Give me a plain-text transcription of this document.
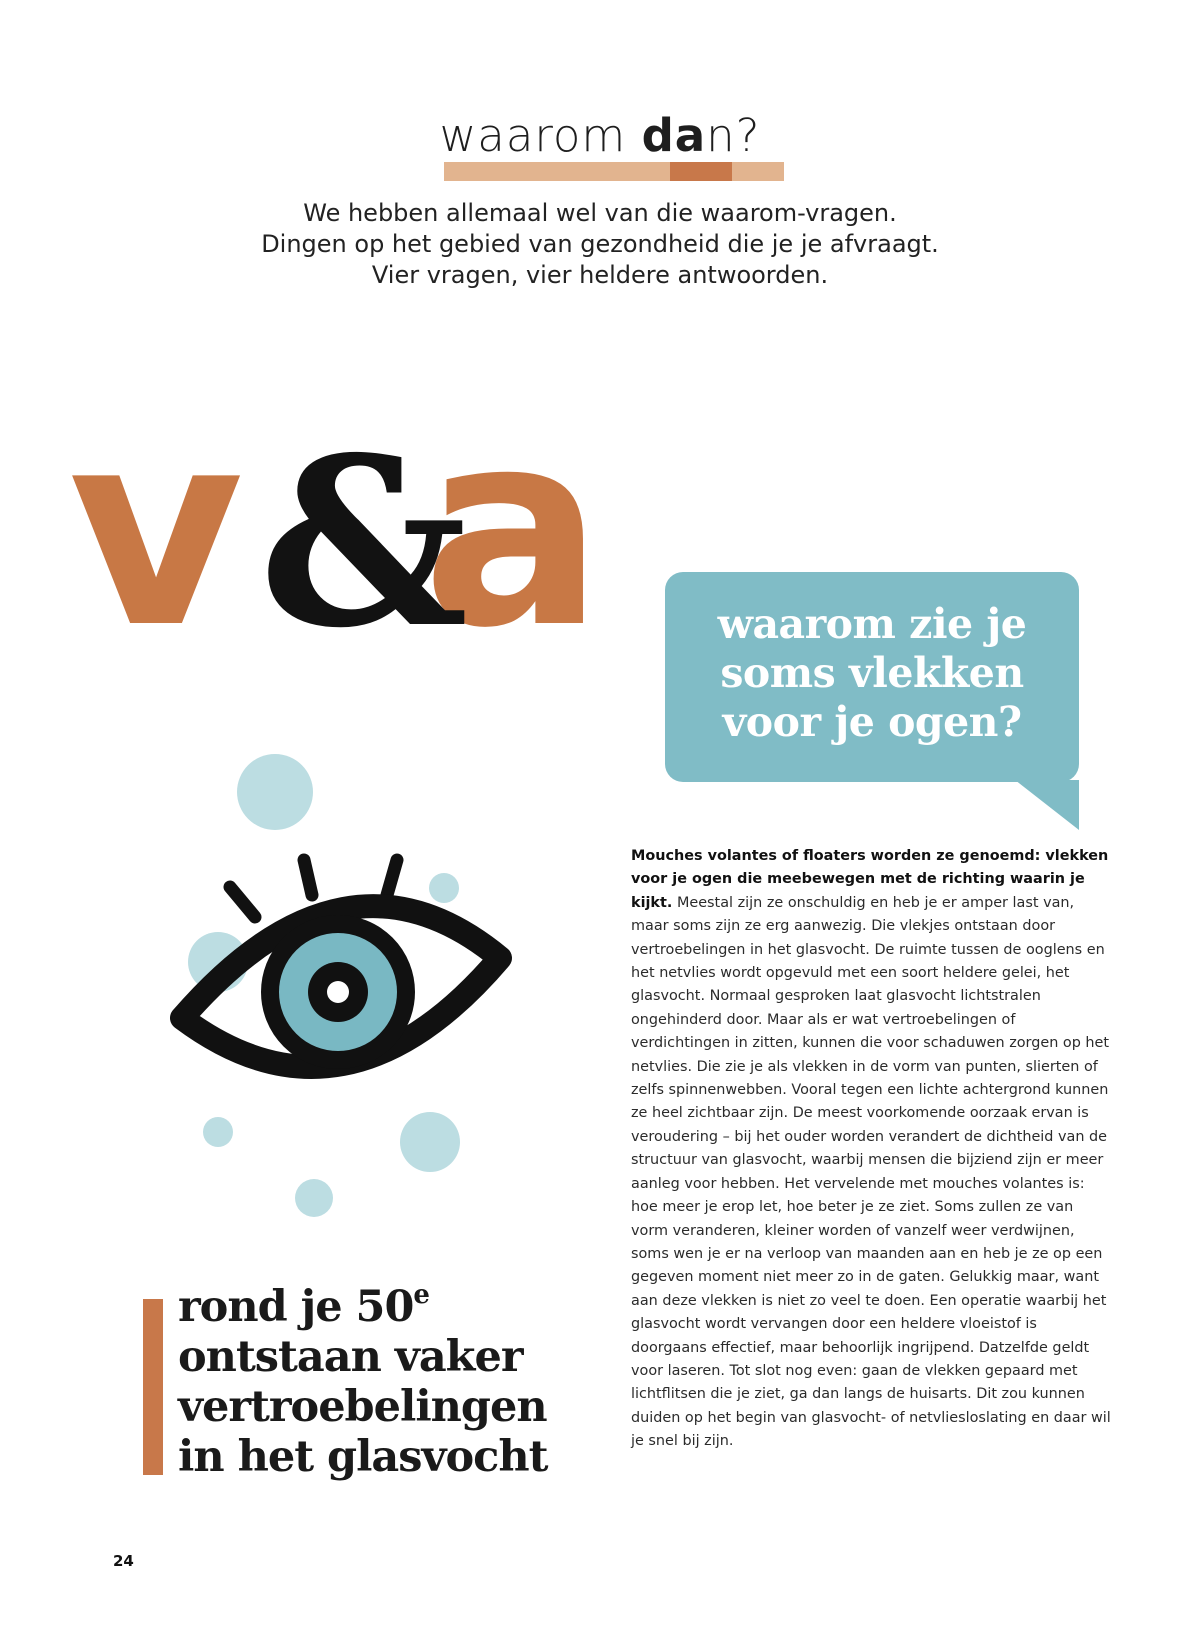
waarom dan?

We hebben allemaal wel van die waarom-vragen.
Dingen op het gebied van gezondheid die je je afvraagt.
Vier vragen, vier heldere antwoorden.

v a
&	waarom zie je
soms vlekken
voor je ogen?

Mouches volantes of floaters worden ze genoemd: vlekken voor je ogen die meebewegen met de richting waarin je kijkt. Meestal zijn ze onschuldig en heb je er amper last van, maar soms zijn ze erg aanwezig. Die vlekjes ontstaan door vertroebelingen in het glasvocht. De ruimte tussen de ooglens en het netvlies wordt opgevuld met een soort heldere gelei, het glasvocht. Normaal gesproken laat glasvocht lichtstralen ongehinderd door. Maar als er wat vertroebelingen of verdichtingen in zitten, kunnen die voor schaduwen zorgen op het netvlies. Die zie je als vlekken in de vorm van punten, slierten of zelfs spinnenwebben. Vooral tegen een lichte achtergrond kunnen ze heel zichtbaar zijn. De meest voorkomende oorzaak ervan is veroudering – bij het ouder worden verandert de dichtheid van de structuur van glasvocht, waarbij mensen die bijziend zijn er meer aanleg voor hebben. Het vervelende met mouches volantes is: hoe meer je erop let, hoe beter je ze ziet. Soms zullen ze van vorm veranderen, kleiner worden of vanzelf weer verdwijnen, soms wen je er na verloop van maanden aan en heb je ze op een gegeven moment niet meer zo in de gaten. Gelukkig maar, want aan deze vlekken is niet zo veel te doen. Een operatie waarbij het glasvocht wordt vervangen door een heldere vloeistof is doorgaans effectief, maar behoorlijk ingrijpend. Datzelfde geldt voor laseren. Tot slot nog even: gaan de vlekken gepaard met lichtflitsen die je ziet, ga dan langs de huisarts. Dit zou kunnen duiden op het begin van glasvocht- of netvliesloslating en daar wil je snel bij zijn.

rond je 50e
ontstaan vaker
vertroebelingen
in het glasvocht

24
